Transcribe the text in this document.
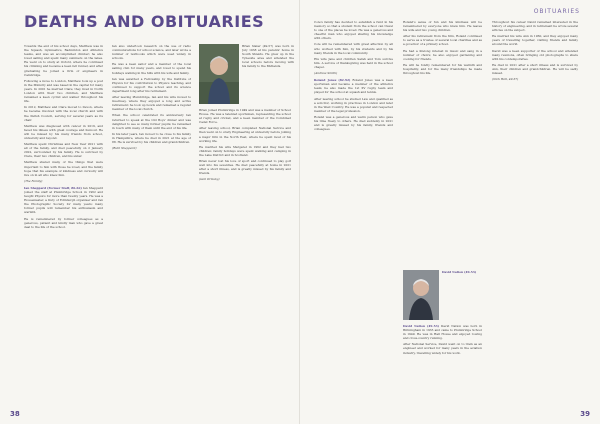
DEATHS AND OBITUARIES

Towards the end of his school days, Matthew was in the Squash, Gymnastics, Badminton and Athletics teams, and was an accomplished climber; he also loved sailing and spent many summers on the lakes. He went on to study at Oxford, where he continued his climbing and became a keen fell runner, and after graduating he joined a firm of engineers in Cambridge.

Following a move to London, Matthew took up a post in the Ministry and was based in the capital for many years. In 2001 he married Clare; they lived in North London with their two children, and Matthew remained a keen cyclist and walker throughout his life.

In 2012, Matthew and Clare moved to Devon, where he became involved with the local church and with the Parish Council, serving for several years as its chair.

Matthew was diagnosed with cancer in 2019, and faced his illness with great courage and humour. He will be missed by his many friends from school, university and beyond.

Matthew spent Christmas and New Year 2021 with all of the family, and died peacefully on 2 January 2022, surrounded by his family. He is survived by Clare, their two children, and his sister.

Matthew shared many of the things that were important to him with those he loved, and the family hope that his example of kindness and curiosity will live on in all who knew him.

(The Family)

Ian Sheppard (Former Staff, 86-62) Ian Sheppard joined the staff at Plumbridge School in 1962 and taught Physics for more than twenty years. He was a Housemaster, a Duty of Edinburgh organiser and ran the Photographic Society for many years; many former pupils will remember his enthusiasm and warmth.

He is remembered by former colleagues as a generous, patient and kindly man who gave a great deal to the life of the school.

Ian also undertook research on the use of radio communications for school science, and later wrote a number of textbooks which were used widely in schools.

He was a keen sailor and a member of the local sailing club for many years, and loved to spend his holidays walking in the hills with his wife and family.

Ian was awarded a Fellowship by the Institute of Physics for his contribution to Physics teaching, and continued to support the school and its science department long after his retirement.

After leaving Plumbridge, Ian and his wife moved to Guernsey, where they enjoyed a long and active retirement; he took up bowls and remained a regular member of the local church.

When the school celebrated its anniversary Ian returned to speak at the Old Boys' dinner and was delighted to see so many former pupils; he remained in touch with many of them until the end of his life.

In his later years, Ian moved to be close to his family in Hampshire, where he died in 2021 at the age of 88. He is survived by his children and grandchildren.

(Ruth Sheppard)

Brian Slater (49-57) was born in July 1938 at his parents' home in South Shields. He grew up in the Tyneside area and attended the local schools before moving with his family to the Midlands.

Brian joined Plumbridge in 1949 and was a member of School House. He was a talented sportsman, representing the school at rugby and cricket, and a keen member of the Combined Cadet Force.

After leaving school, Brian completed National Service and then went on to study Engineering at university before joining a major firm in the North East, where he spent most of his working life.

He married his wife Margaret in 1962 and they had two children; family holidays were spent walking and camping in the Lake District and in Scotland.

Brian never lost his love of sport and continued to play golf well into his seventies. He died peacefully at home in 2021 after a short illness, and is greatly missed by his family and friends.

(Gail Ormsby)

38
OBITUARIES

Cole's family has decided to establish a fund in his memory so that a student from the school can travel to one of the places he loved. He was a generous and cheerful man who enjoyed sharing his knowledge with others.

Cole will be remembered with great affection by all who worked with him, by his students and by his many friends in the local community.

His wife Jane and children Sarah and Tom survive him. A service of thanksgiving was held in the school chapel.

(Andrew Smith)

Roland Jones (82-92) Roland Jones was a keen sportsman and became a member of the athletics team; he also made the 1st XV rugby team and played for the school at squash and tennis.

After leaving school he studied Law and qualified as a solicitor, working in practices in London and later in the West Country. He was a popular and respected member of the legal profession.

Roland was a generous and warm person who gave his time freely to others. He died suddenly in 2021 and is greatly missed by his family, friends and colleagues.

Roland's sense of fun and his kindness will be remembered by everyone who knew him. He leaves his wife and two young children.

After his retirement from the firm, Roland continued to serve as a trustee of several local charities and as a governor of a primary school.

He had a lifelong interest in music and sang in a number of choirs; he also enjoyed gardening and cooking for friends.

He will be fondly remembered for his warmth and hospitality, and for the many friendships he made throughout his life.

David Nation (49-53)

David Nation (49-53) David Nation was born in Birmingham in 1935 and came to Plumbridge School in 1949. He was in Hall House and enjoyed rowing and cross-country running.

After National Service, David went on to train as an engineer and worked for many years in the aviation industry, travelling widely for his work.

Throughout his career David remained interested in the history of engineering, and in retirement he wrote several articles on the subject.

He married his wife Ann in 1960, and they enjoyed many years of travelling together, visiting friends and family around the world.

David was a keen supporter of the school and attended many reunions, often bringing old photographs to share with his contemporaries.

He died in 2021 after a short illness and is survived by Ann, their children and grandchildren. He will be sadly missed.

(Nick Hall, 49-57)

39
